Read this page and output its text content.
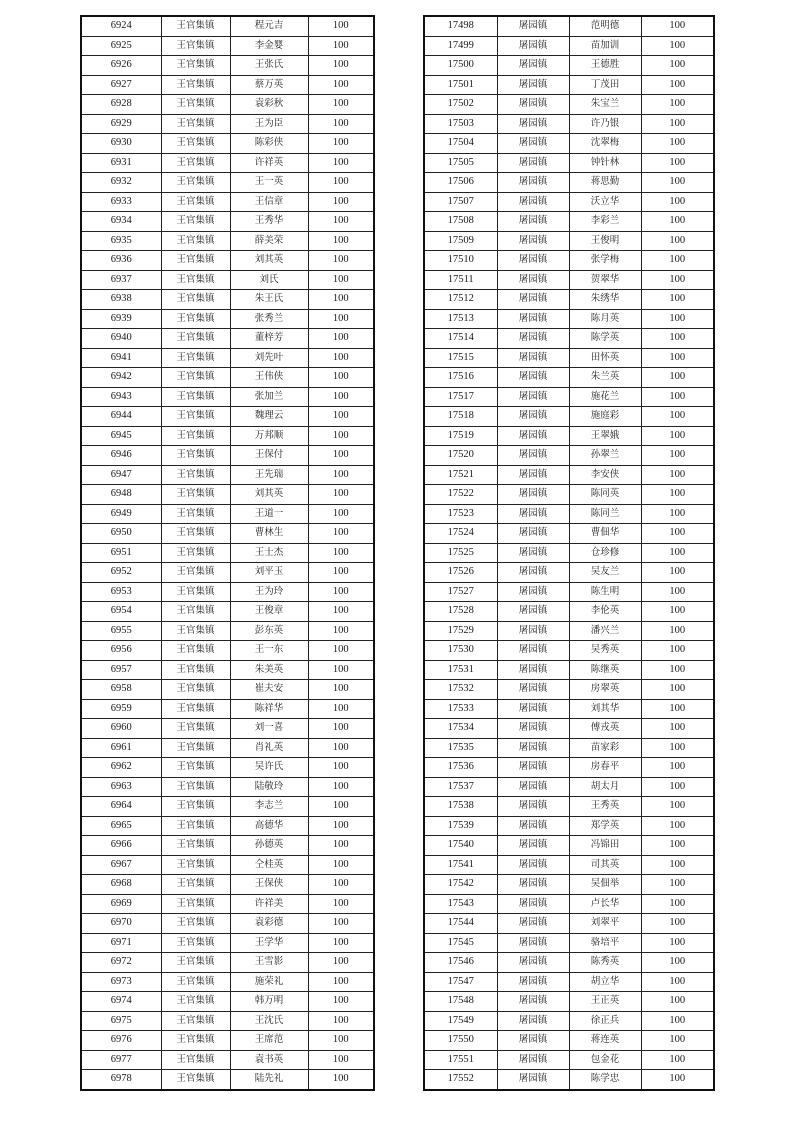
6924	王官集镇	程元吉	100
6925	王官集镇	李金婴	100
6926	王官集镇	王张氏	100
6927	王官集镇	蔡万英	100
6928	王官集镇	袁彩秋	100
6929	王官集镇	王为臣	100
6930	王官集镇	陈彩侠	100
6931	王官集镇	许祥英	100
6932	王官集镇	王一英	100
6933	王官集镇	王信章	100
6934	王官集镇	王秀华	100
6935	王官集镇	薛美荣	100
6936	王官集镇	刘其英	100
6937	王官集镇	刘氏	100
6938	王官集镇	朱王氏	100
6939	王官集镇	张秀兰	100
6940	王官集镇	董梓芳	100
6941	王官集镇	刘先叶	100
6942	王官集镇	王伟侠	100
6943	王官集镇	张加兰	100
6944	王官集镇	魏理云	100
6945	王官集镇	万邦顺	100
6946	王官集镇	王保付	100
6947	王官集镇	王先瑞	100
6948	王官集镇	刘其英	100
6949	王官集镇	王道一	100
6950	王官集镇	曹林生	100
6951	王官集镇	王士杰	100
6952	王官集镇	刘平玉	100
6953	王官集镇	王为玲	100
6954	王官集镇	王俊章	100
6955	王官集镇	彭东英	100
6956	王官集镇	王一东	100
6957	王官集镇	朱美英	100
6958	王官集镇	崔夫安	100
6959	王官集镇	陈祥华	100
6960	王官集镇	刘一喜	100
6961	王官集镇	肖礼英	100
6962	王官集镇	吴许氏	100
6963	王官集镇	陆敬玲	100
6964	王官集镇	李志兰	100
6965	王官集镇	高德华	100
6966	王官集镇	孙德英	100
6967	王官集镇	仝桂英	100
6968	王官集镇	王保侠	100
6969	王官集镇	许祥美	100
6970	王官集镇	袁彩德	100
6971	王官集镇	王学华	100
6972	王官集镇	王雪影	100
6973	王官集镇	施荣礼	100
6974	王官集镇	韩万明	100
6975	王官集镇	王沈氏	100
6976	王官集镇	王席范	100
6977	王官集镇	袁书英	100
6978	王官集镇	陆先礼	100
17498	屠园镇	范明德	100
17499	屠园镇	苗加训	100
17500	屠园镇	王德胜	100
17501	屠园镇	丁茂田	100
17502	屠园镇	朱宝兰	100
17503	屠园镇	许乃银	100
17504	屠园镇	沈翠梅	100
17505	屠园镇	钟针林	100
17506	屠园镇	蒋思勤	100
17507	屠园镇	沃立华	100
17508	屠园镇	李彩兰	100
17509	屠园镇	王俊明	100
17510	屠园镇	张学梅	100
17511	屠园镇	贺翠华	100
17512	屠园镇	朱绣华	100
17513	屠园镇	陈月英	100
17514	屠园镇	陈学英	100
17515	屠园镇	田怀英	100
17516	屠园镇	朱兰英	100
17517	屠园镇	施花兰	100
17518	屠园镇	施庭彩	100
17519	屠园镇	王翠娥	100
17520	屠园镇	孙翠兰	100
17521	屠园镇	李安侠	100
17522	屠园镇	陈同英	100
17523	屠园镇	陈同兰	100
17524	屠园镇	曹佃华	100
17525	屠园镇	仓珍修	100
17526	屠园镇	吴友兰	100
17527	屠园镇	陈生明	100
17528	屠园镇	李伦英	100
17529	屠园镇	潘兴兰	100
17530	屠园镇	吴秀英	100
17531	屠园镇	陈继英	100
17532	屠园镇	房翠英	100
17533	屠园镇	刘其华	100
17534	屠园镇	傅戎英	100
17535	屠园镇	苗家彩	100
17536	屠园镇	房春平	100
17537	屠园镇	胡太月	100
17538	屠园镇	王秀英	100
17539	屠园镇	郑学英	100
17540	屠园镇	冯锦田	100
17541	屠园镇	司其英	100
17542	屠园镇	吴佃举	100
17543	屠园镇	卢长华	100
17544	屠园镇	刘翠平	100
17545	屠园镇	骆培平	100
17546	屠园镇	陈秀英	100
17547	屠园镇	胡立华	100
17548	屠园镇	王正英	100
17549	屠园镇	徐正兵	100
17550	屠园镇	蒋连英	100
17551	屠园镇	包金花	100
17552	屠园镇	陈学忠	100
